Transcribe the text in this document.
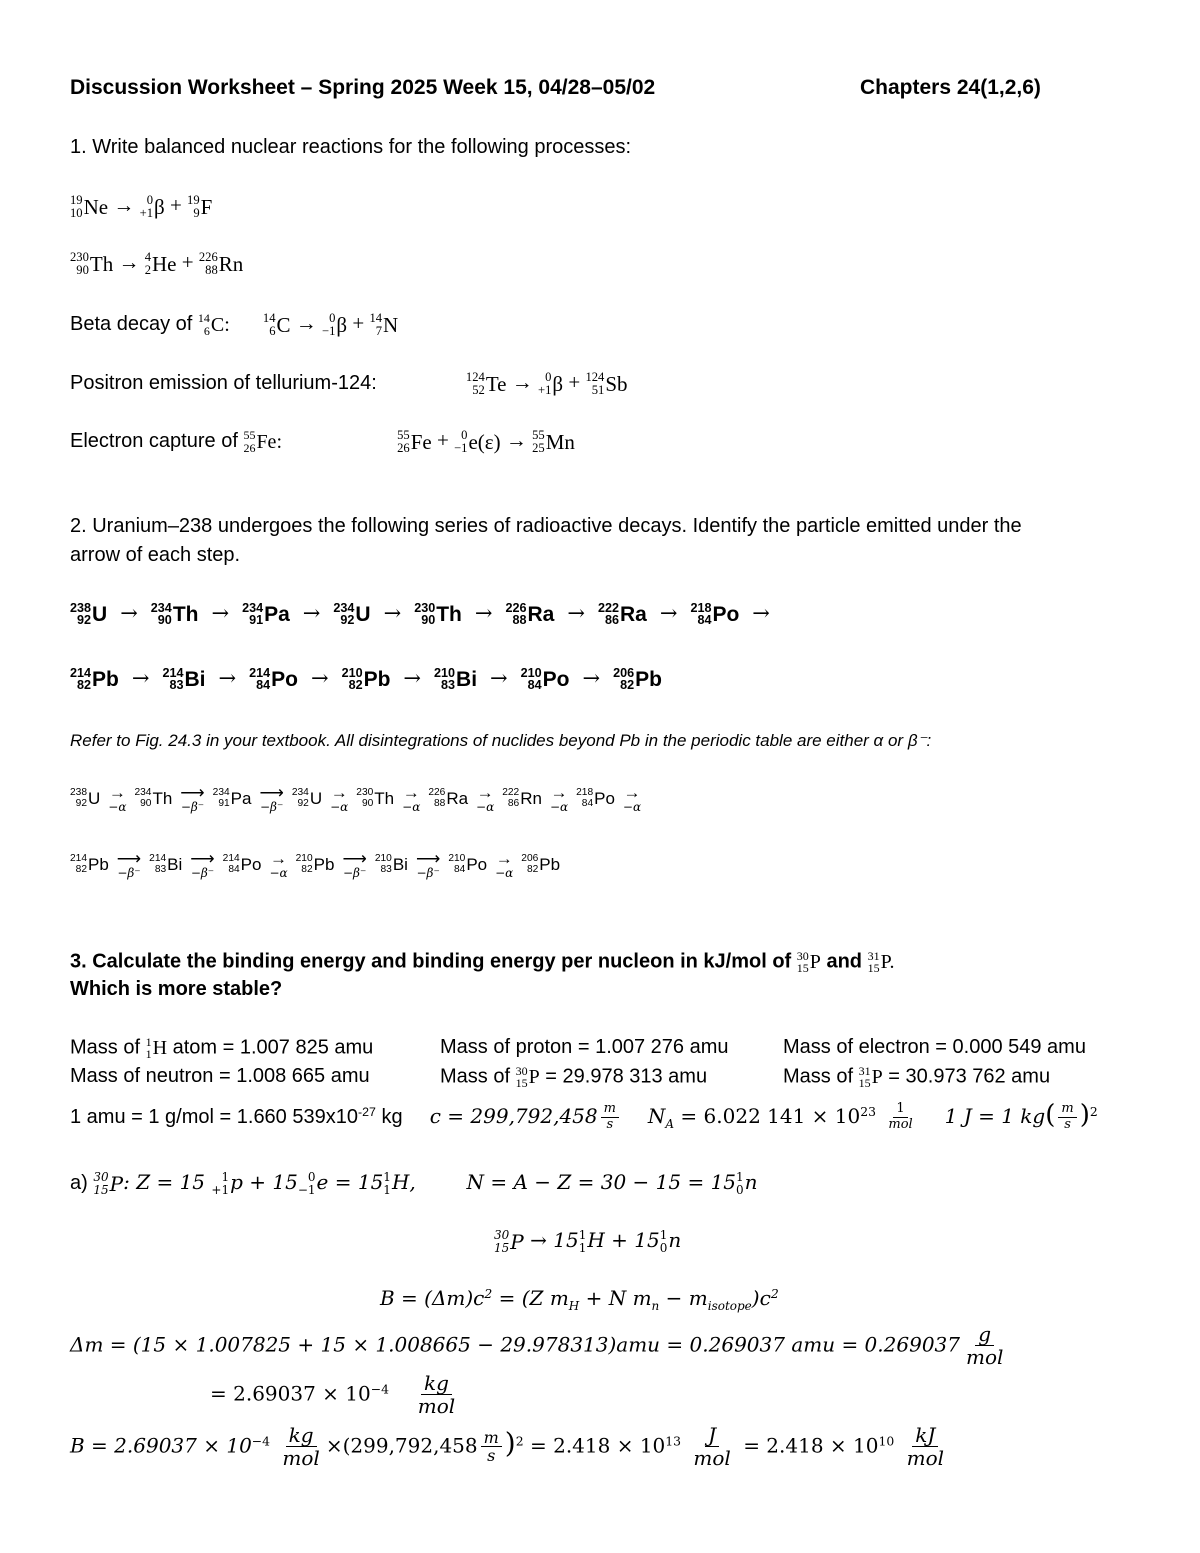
Discussion Worksheet – Spring 2025 Week 15, 04/28–05/02	Chapters 24(1,2,6)
1. Write balanced nuclear reactions for the following processes:
19
10 Ne → 0
+1 β + 19
9 F
230
90 Th → 4
2 He + 226
88 Rn
Beta decay of 14
6 C:
	14
6 C → 0
−1 β + 14
7 N
Positron emission of tellurium-124:	124
52 Te → 0
+1 β + 124
51 Sb
Electron capture of 55
26 Fe:
	55
26 Fe + 0
−1 e(ε) → 55
25 Mn
2. Uranium–238 undergoes the following series of radioactive decays. Identify the particle emitted under the
arrow of each step.
238
92 U → 234
90 Th → 234
91 Pa → 234
92 U → 230
90 Th → 226
88 Ra → 222
86 Ra → 218
84 Po →
214
82 Pb → 214
83 Bi → 214
84 Po → 210
82 Pb → 210
83 Bi → 210
84 Po → 206
82 Pb
Refer to Fig. 24.3 in your textbook. All disintegrations of nuclides beyond Pb in the periodic table are either α or β⁻:
238
92 U →
−α
234
90 Th ⟶
−β⁻
234
91 Pa ⟶
−β⁻
234
92 U →
−α
230
90 Th →
−α
226
88 Ra →
−α
222
86 Rn →
−α
218
84 Po →
−α
214
82 Pb ⟶
−β⁻
214
83 Bi ⟶
−β⁻
214
84 Po →
−α
210
82 Pb ⟶
−β⁻
210
83 Bi ⟶
−β⁻
210
84 Po →
−α
206
82 Pb
3. Calculate the binding energy and binding energy per nucleon in kJ/mol of 30
15 P and 31
15 P.
Which is more stable?
Mass of 1
1 H atom = 1.007 825 amu	Mass of proton = 1.007 276 amu	Mass of electron = 0.000 549 amu
Mass of neutron = 1.008 665 amu	Mass of 30
15 P = 29.978 313 amu	Mass of 31
15 P = 30.973 762 amu
1 amu = 1 g/mol = 1.660 $539x10^{-27}$ kg $c = 299,792,458 \frac{m}{s} N_A = 6.022$ $141 \times 10^{23} \frac{1}{\text{mol}} 1$ J = 1 $kg( \frac{m}{s} )^2$
a) 30
15 P : Z = 15 1
+1 p + 15 0
−1 e = 15 1
1 H,	N = A − Z = 30 − 15 = 15 1
0 n
30
15 P → 15 1
1 H + 15 1
0 n
$B = (\Delta m)c^2 = (Z$ $m_H + N$ $m_n - m_{isotope})c^2$
Δm = (15 × 1.007825 + 15 × 1.008665 − 29.978313)amu = 0.269037 amu = $0.269037 \frac{g}{\text{mol}}$
= $2.69037 \times 10^{-4} \frac{kg}{\text{mol}}$
$B = 2.69037 \times 10^{-4} \frac{kg}{\text{mol}} \times(299,792,458 \frac{m}{s} )^2 = 2.418 \times 10^{13} \frac{J}{\text{mol}} = 2.418 \times 10^{10} \frac{kJ}{\text{mol}}$
